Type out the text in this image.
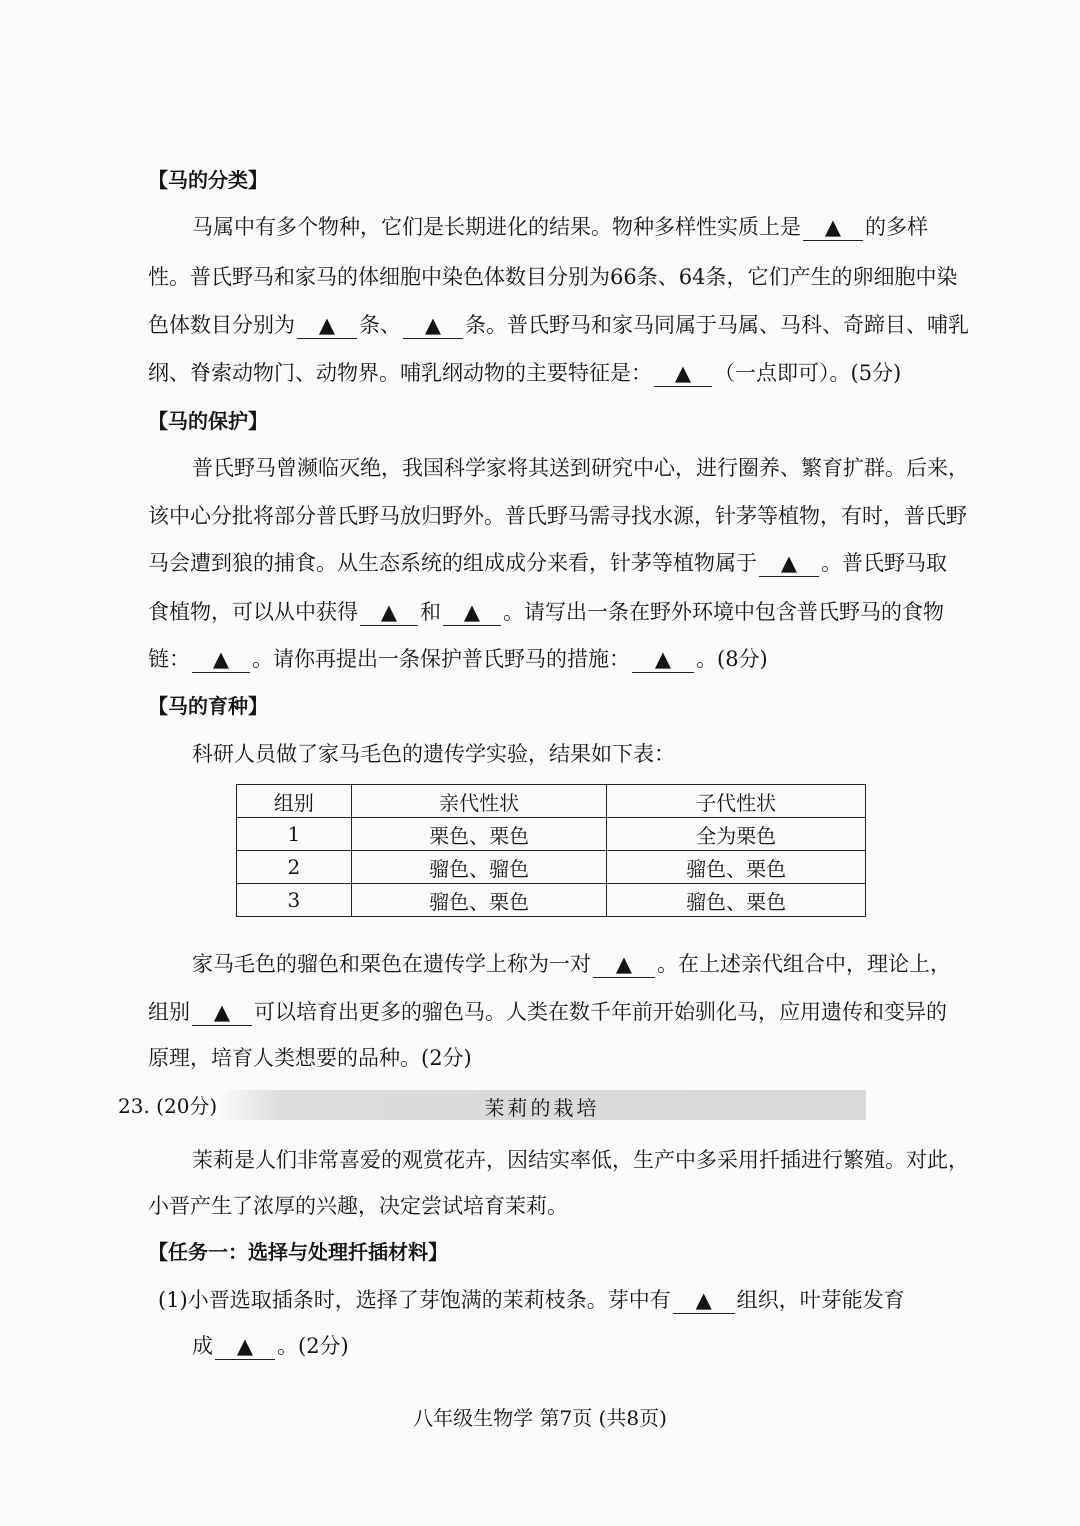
【马的分类】
马属中有多个物种，它们是长期进化的结果。物种多样性实质上是 ▲ 的多样
性。普氏野马和家马的体细胞中染色体数目分别为66条、64条，它们产生的卵细胞中染
色体数目分别为 ▲ 条、 ▲ 条。普氏野马和家马同属于马属、马科、奇蹄目、哺乳
纲、脊索动物门、动物界。哺乳纲动物的主要特征是： ▲ （一点即可）。(5分)
【马的保护】
普氏野马曾濒临灭绝，我国科学家将其送到研究中心，进行圈养、繁育扩群。后来，
该中心分批将部分普氏野马放归野外。普氏野马需寻找水源，针茅等植物，有时，普氏野
马会遭到狼的捕食。从生态系统的组成成分来看，针茅等植物属于 ▲ 。普氏野马取
食植物，可以从中获得 ▲ 和 ▲ 。请写出一条在野外环境中包含普氏野马的食物
链： ▲ 。请你再提出一条保护普氏野马的措施： ▲ 。(8分)
【马的育种】
科研人员做了家马毛色的遗传学实验，结果如下表：
组别	亲代性状	子代性状
1	栗色、栗色	全为栗色
2	骝色、骝色	骝色、栗色
3	骝色、栗色	骝色、栗色
家马毛色的骝色和栗色在遗传学上称为一对 ▲ 。在上述亲代组合中，理论上，
组别 ▲ 可以培育出更多的骝色马。人类在数千年前开始驯化马，应用遗传和变异的
原理，培育人类想要的品种。(2分)
23. (20分)	茉莉的栽培
茉莉是人们非常喜爱的观赏花卉，因结实率低，生产中多采用扦插进行繁殖。对此，
小晋产生了浓厚的兴趣，决定尝试培育茉莉。
【任务一：选择与处理扦插材料】
(1)小晋选取插条时，选择了芽饱满的茉莉枝条。芽中有 ▲ 组织，叶芽能发育
成 ▲ 。(2分)
八年级生物学 第7页 (共8页)
